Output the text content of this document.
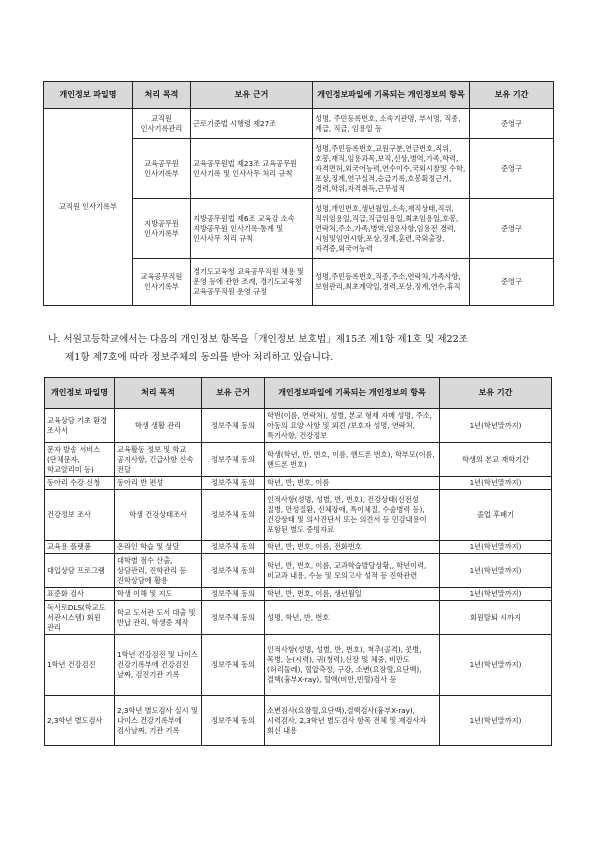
개인정보 파일명	처리 목적	보유 근거	개인정보파일에 기록되는 개인정보의 항목	보유 기간
교직원 인사기록부	교직원 인사기록관리	근로기준법 시행령 제27조	성명, 주민등록번호, 소속기관명, 부서명, 직종, 계급, 직급, 임용일 등	준영구
	교육공무원 인사기록부	교육공무원법 제23조 교육공무원 인사기록 및 인사사무 처리 규칙	성명,주민등록번호,교원구분,연금번호,직위,호봉,재직,임용과목,보직,신상,병역,가족,학력,자격면허,외국어능력,연수이수,국외시찰및 수학,포상,징계,연구실적,승급기록,호봉획정근거,경력,학위,자격취득,근무성적	준영구
	지방공무원 인사기록부	지방공무원법 제6조 교육감 소속 지방공무원 인사기록·통계 및 인사사무 처리 규칙	성명,개인번호,생년월일,소속,재직상태,직위,직위임용일,직급,직급임용일,최초임용일,호봉,연락처,주소,가족,병역,임용사항,임용전 경력,시험및임면시항,포상,징계,훈련,국외출장,자격증,외국어능력	준영구
	교육공무직원 인사기록부	경기도교육청 교육공무직원 채용 및 운영 등에 관한 조례, 경기도교육청 교육공무직원 운영 규정	성명,주민등록번호,직종,주소,연락처,가족사항,보험관리,최초계약일,경력,포상,징계,연수,휴직	준영구
나. 서원고등학교에서는 다음의 개인정보 항목을「개인정보 보호법」제15조 제1항 제1호 및 제22조
제1항 제7호에 따라 정보주체의 동의를 받아 처리하고 있습니다.
개인정보 파일명	처리 목적	보유 근거	개인정보파일에 기록되는 개인정보의 항목	보유 기간
교육상담 기초 환경 조사서	학생 생활 관리	정보주체 동의	학번(이름, 연락처), 성별, 본교 형제 자매 성명, 주소, 아동의 요양 사항 및 외견 /보호자 성명, 연락처, 특기사항, 건강정보	1년(학년말까지)
문자 발송 서비스(단체문자, 학교알리미 등)	교육활동 정보 및 학교 공지사항, 긴급사항 신속 전달	정보주체 동의	학생(학년, 반, 번호, 이름, 핸드폰 번호), 학부모(이름, 핸드폰 번호)	학생의 본교 재학기간
동아리 수강 신청	동아리 반 편성	정보주체 동의	학년, 반, 번호, 이름	1년(학년말까지)
건강정보 조사	학생 건강상태조사	정보주체 동의	인적사항(성명, 성별, 반, 번호), 건강상태(신전성 질병, 만성질환, 신체장애, 특이체질, 수술병력 등), 건강상태 및 의사진단서 또는 의견서 등 민감내용이 포함된 별도 증빙자료	졸업 후폐기
교육용 플랫폼	온라인 학습 및 상담	정보주체 동의	학년, 반, 번호, 이름, 전화번호	1년(학년말까지)
대입상담 프로그램	대학별 점수 산출, 상담관리, 진학관리 등 진학상담에 활용	정보주체 동의	학년, 반, 번호, 이름, 교과학습발달상황,, 학년이력, 비교과 내용, 수능 및 모의고사 성적 등 진학관련	1년(학년말까지)
표준화 검사	학생 이해 및 지도	정보주체 동의	학년, 반, 번호, 이름, 생년월일	1년(학년말까지)
독서로DLS(학교도서관시스템) 회원 관리	학교 도서관 도서 대출 및 반납 관리, 학생증 제작	정보주체 동의	성명, 학년, 반, 번호	회원탈퇴 시까지
1학년 건강검진	1학년 건강검진 및 나이스 건강기록부에 건강검진 날짜, 검진기관 기록	정보주체 동의	인적사항(성명, 성별, 반, 번호), 척추(골격), 콧병, 목병, 눈(시력), 귀(청력),신장 및 체중, 비만도(허리둘레), 혈압측정, 구강, 소변(요잠혈,요단백), 결핵(흉부X-ray), 혈액(비만,빈혈)검사 등	1년(학년말까지)
2,3학년 별도검사	2,3학년 별도검사 실시 및 나이스 건강기록부에 검사날짜, 기관 기록	정보주체 동의	소변검사(요잠혈,요단백),결핵검사(흉부X-ray), 시력검사, 2,3학년 별도검사 항목 전체 및 재검사자 회신 내용	1년(학년말까지)
